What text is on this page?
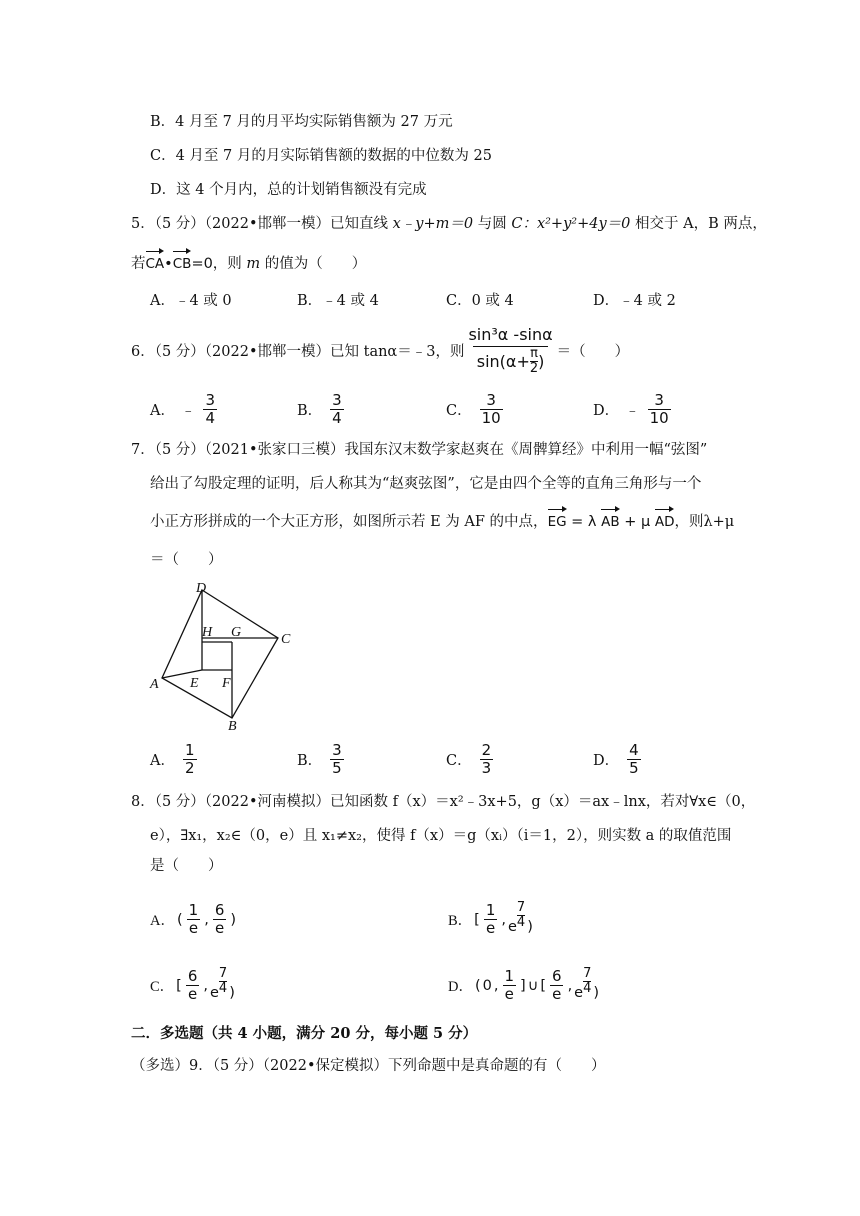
B．4 月至 7 月的月平均实际销售额为 27 万元
C．4 月至 7 月的月实际销售额的数据的中位数为 25
D．这 4 个月内，总的计划销售额没有完成
5．（5 分）（2022•邯郸一模）已知直线 x﹣y+m＝0 与圆 C：x²+y²+4y＝0 相交于 A，B 两点，
若CA•CB=0，则 m 的值为（　　）
A．﹣4 或 0	B．﹣4 或 4	C．0 或 4	D．﹣4 或 2
6．（5 分）（2022•邯郸一模）已知 tanα＝﹣3，则 $\frac{\text{sin³α -sinα}}{\sin(\alpha+ \frac{\pi}{2} )}$ ＝（　　）
A． ﹣ $\frac{3}{4}$	B． $\frac{3}{4}$	C． $\frac{3}{10}$	D． ﹣ $\frac{3}{10}$
7．（5 分）（2021•张家口三模）我国东汉末数学家赵爽在《周髀算经》中利用一幅“弦图”
给出了勾股定理的证明，后人称其为“赵爽弦图”，它是由四个全等的直角三角形与一个
小正方形拼成的一个大正方形，如图所示若 E 为 AF 的中点，EG = λ AB + μ AD，则λ+μ
＝（　　）
D
C
A
B
H G
E F
A． $\frac{1}{2}$	B． $\frac{3}{5}$	C． $\frac{2}{3}$	D． $\frac{4}{5}$
8．（5 分）（2022•河南模拟）已知函数 f（x）＝x²﹣3x+5，g（x）＝ax﹣lnx，若对∀x∈（0，
e），∃x₁，x₂∈（0，e）且 x₁≠x₂，使得 f（x）＝g（xᵢ）（i＝1，2），则实数 a 的取值范围
是（　　）
A． ( $\frac{1}{e}$ , $\frac{6}{e}$ )	B． [ $\frac{1}{e}$ , e $\frac{7}{4}$ )
C． [ $\frac{6}{e}$ , e $\frac{7}{4}$ )	D． ( 0 , $\frac{1}{e}$ ] ∪ [ $\frac{6}{e}$ , e $\frac{7}{4}$ )
二．多选题（共 4 小题，满分 20 分，每小题 5 分）
（多选）9．（5 分）（2022•保定模拟）下列命题中是真命题的有（　　）
